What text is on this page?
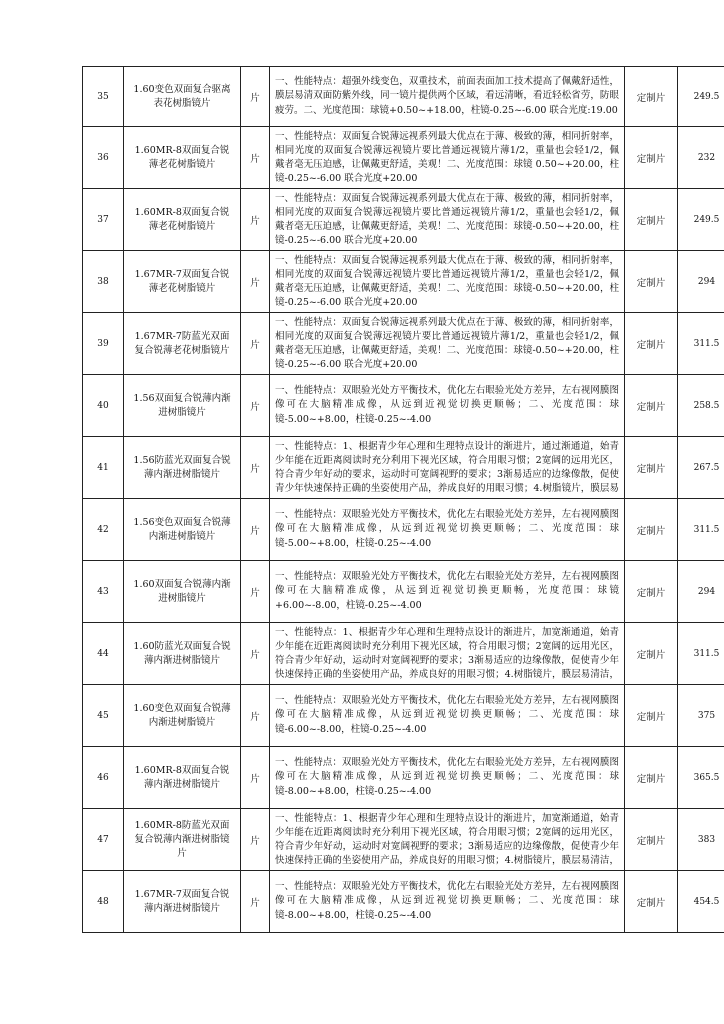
35	1.60变色双面复合驱离表花树脂镜片	片	一、性能特点：超强外线变色，双重技术，前面表面加工技术提高了佩戴舒适性，膜层易清双面防紫外线，同一镜片提供两个区域，看远清晰，看近轻松省劳，防眼疲劳。二、光度范围：球镜+0.50~+18.00，柱镜-0.25~-6.00 联合光度:19.00	定制片	249.5
36	1.60MR-8双面复合锐薄老花树脂镜片	片	一、性能特点：双面复合锐薄远视系列最大优点在于薄、极致的薄，相同折射率，相同光度的双面复合锐薄远视镜片要比普通远视镜片薄1/2，重量也会轻1/2，佩戴者毫无压迫感，让佩戴更舒适，美观！二、光度范围：球镜 0.50~+20.00，柱镜-0.25~-6.00 联合光度+20.00	定制片	232
37	1.60MR-8双面复合锐薄老花树脂镜片	片	一、性能特点：双面复合锐薄远视系列最大优点在于薄、极致的薄，相同折射率，相同光度的双面复合锐薄远视镜片要比普通远视镜片薄1/2，重量也会轻1/2，佩戴者毫无压迫感，让佩戴更舒适，美观！二、光度范围：球镜-0.50~+20.00，柱镜-0.25~-6.00 联合光度+20.00	定制片	249.5
38	1.67MR-7双面复合锐薄老花树脂镜片	片	一、性能特点：双面复合锐薄远视系列最大优点在于薄、极致的薄，相同折射率，相同光度的双面复合锐薄远视镜片要比普通远视镜片薄1/2，重量也会轻1/2，佩戴者毫无压迫感，让佩戴更舒适，美观！二、光度范围：球镜-0.50~+20.00，柱镜-0.25~-6.00 联合光度+20.00	定制片	294
39	1.67MR-7防蓝光双面复合锐薄老花树脂镜片	片	一、性能特点：双面复合锐薄远视系列最大优点在于薄、极致的薄，相同折射率，相同光度的双面复合锐薄远视镜片要比普通远视镜片薄1/2，重量也会轻1/2，佩戴者毫无压迫感，让佩戴更舒适，美观！二、光度范围：球镜-0.50~+20.00，柱镜-0.25~-6.00 联合光度+20.00	定制片	311.5
40	1.56双面复合锐薄内渐进树脂镜片	片	一、性能特点：双眼验光处方平衡技术，优化左右眼验光处方差异，左右视网膜图像可在大脑精准成像，从远到近视觉切换更顺畅；二、光度范围：球镜-5.00~+8.00，柱镜-0.25~-4.00	定制片	258.5
41	1.56防蓝光双面复合锐薄内渐进树脂镜片	片	一、性能特点：1、根据青少年心理和生理特点设计的渐进片，通过渐通道，始青少年能在近距离阅读时充分利用下视光区域，符合用眼习惯；2宽阔的远用光区，符合青少年好动的要求，运动时可宽阔视野的要求；3渐易适应的边缘像散，促使青少年快速保持正确的坐姿使用产品，养成良好的用眼习惯；4.树脂镜片，膜层易	定制片	267.5
42	1.56变色双面复合锐薄内渐进树脂镜片	片	一、性能特点：双眼验光处方平衡技术，优化左右眼验光处方差异，左右视网膜图像可在大脑精准成像，从远到近视觉切换更顺畅；二、光度范围：球镜-5.00~+8.00，柱镜-0.25~-4.00	定制片	311.5
43	1.60双面复合锐薄内渐进树脂镜片	片	一、性能特点：双眼验光处方平衡技术，优化左右眼验光处方差异，左右视网膜图像可在大脑精准成像，从远到近视觉切换更顺畅，光度范围：球镜+6.00~-8.00，柱镜-0.25~-4.00	定制片	294
44	1.60防蓝光双面复合锐薄内渐进树脂镜片	片	一、性能特点：1、根据青少年心理和生理特点设计的渐进片，加宽渐通道，始青少年能在近距离阅读时充分利用下视光区域，符合用眼习惯；2宽阔的远用光区，符合青少年好动，运动时对宽阔视野的要求；3渐易适应的边缘像散，促使青少年快速保持正确的坐姿使用产品，养成良好的用眼习惯；4.树脂镜片，膜层易清洁，	定制片	311.5
45	1.60变色双面复合锐薄内渐进树脂镜片	片	一、性能特点：双眼验光处方平衡技术，优化左右眼验光处方差异，左右视网膜图像可在大脑精准成像，从远到近视觉切换更顺畅；二、光度范围：球镜-6.00~-8.00，柱镜-0.25~-4.00	定制片	375
46	1.60MR-8双面复合锐薄内渐进树脂镜片	片	一、性能特点：双眼验光处方平衡技术，优化左右眼验光处方差异，左右视网膜图像可在大脑精准成像，从远到近视觉切换更顺畅；二、光度范围：球镜-8.00~+8.00，柱镜-0.25~-4.00	定制片	365.5
47	1.60MR-8防蓝光双面复合锐薄内渐进树脂镜片	片	一、性能特点：1、根据青少年心理和生理特点设计的渐进片，加宽渐通道，始青少年能在近距离阅读时充分利用下视光区域，符合用眼习惯；2宽阔的远用光区，符合青少年好动，运动时对宽阔视野的要求；3渐易适应的边缘像散，促使青少年快速保持正确的坐姿使用产品，养成良好的用眼习惯；4.树脂镜片，膜层易清洁，	定制片	383
48	1.67MR-7双面复合锐薄内渐进树脂镜片	片	一、性能特点：双眼验光处方平衡技术，优化左右眼验光处方差异，左右视网膜图像可在大脑精准成像，从远到近视觉切换更顺畅；二、光度范围：球镜-8.00~+8.00，柱镜-0.25~-4.00	定制片	454.5
